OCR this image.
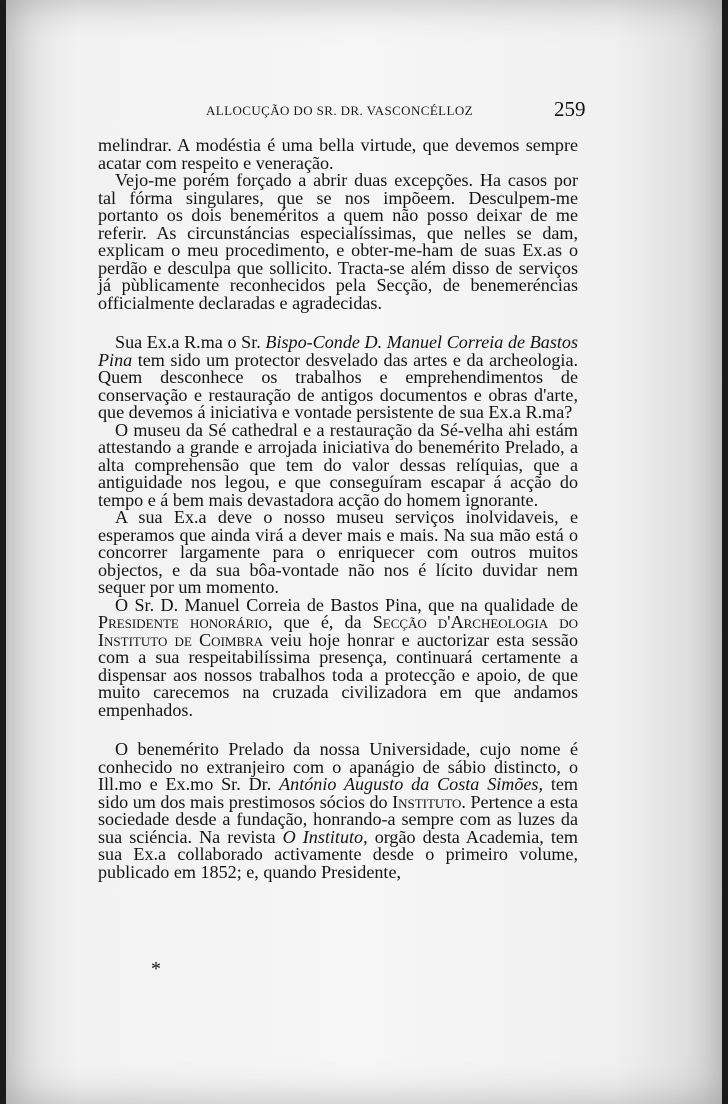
ALLOCUÇÃO DO SR. DR. VASCONCÉLLOZ	259

melindrar. A modéstia é uma bella virtude, que devemos sempre acatar com respeito e veneração.

Vejo-me porém forçado a abrir duas excepções. Ha casos por tal fórma singulares, que se nos impõeem. Desculpem-me portanto os dois beneméritos a quem não posso deixar de me referir. As circunstáncias especialíssimas, que nelles se dam, explicam o meu procedimento, e obter-me-ham de suas Ex.as o perdão e desculpa que sollicito. Tracta-se além disso de serviços já pùblicamente reconhecidos pela Secção, de benemeréncias officialmente declaradas e agradecidas.

Sua Ex.a R.ma o Sr. Bispo-Conde D. Manuel Correia de Bastos Pina tem sido um protector desvelado das artes e da archeologia. Quem desconhece os trabalhos e emprehendimentos de conservação e restauração de antigos documentos e obras d'arte, que devemos á iniciativa e vontade persistente de sua Ex.a R.ma?

O museu da Sé cathedral e a restauração da Sé-velha ahi estám attestando a grande e arrojada iniciativa do benemérito Prelado, a alta comprehensão que tem do valor dessas relíquias, que a antiguidade nos legou, e que conseguíram escapar á acção do tempo e á bem mais devastadora acção do homem ignorante.

A sua Ex.a deve o nosso museu serviços inolvidaveis, e esperamos que ainda virá a dever mais e mais. Na sua mão está o concorrer largamente para o enriquecer com outros muitos objectos, e da sua bôa-vontade não nos é lícito duvidar nem sequer por um momento.

O Sr. D. Manuel Correia de Bastos Pina, que na qualidade de Presidente honorário, que é, da Secção d'Archeologia do Instituto de Coimbra veiu hoje honrar e auctorizar esta sessão com a sua respeitabilíssima presença, continuará certamente a dispensar aos nossos trabalhos toda a protecção e apoio, de que muito carecemos na cruzada civilizadora em que andamos empenhados.

O benemérito Prelado da nossa Universidade, cujo nome é conhecido no extranjeiro com o apanágio de sábio distincto, o Ill.mo e Ex.mo Sr. Dr. António Augusto da Costa Simões, tem sido um dos mais prestimosos sócios do Instituto. Pertence a esta sociedade desde a fundação, honrando-a sempre com as luzes da sua sciéncia. Na revista O Instituto, orgão desta Academia, tem sua Ex.a collaborado activamente desde o primeiro volume, publicado em 1852; e, quando Presidente,

*
